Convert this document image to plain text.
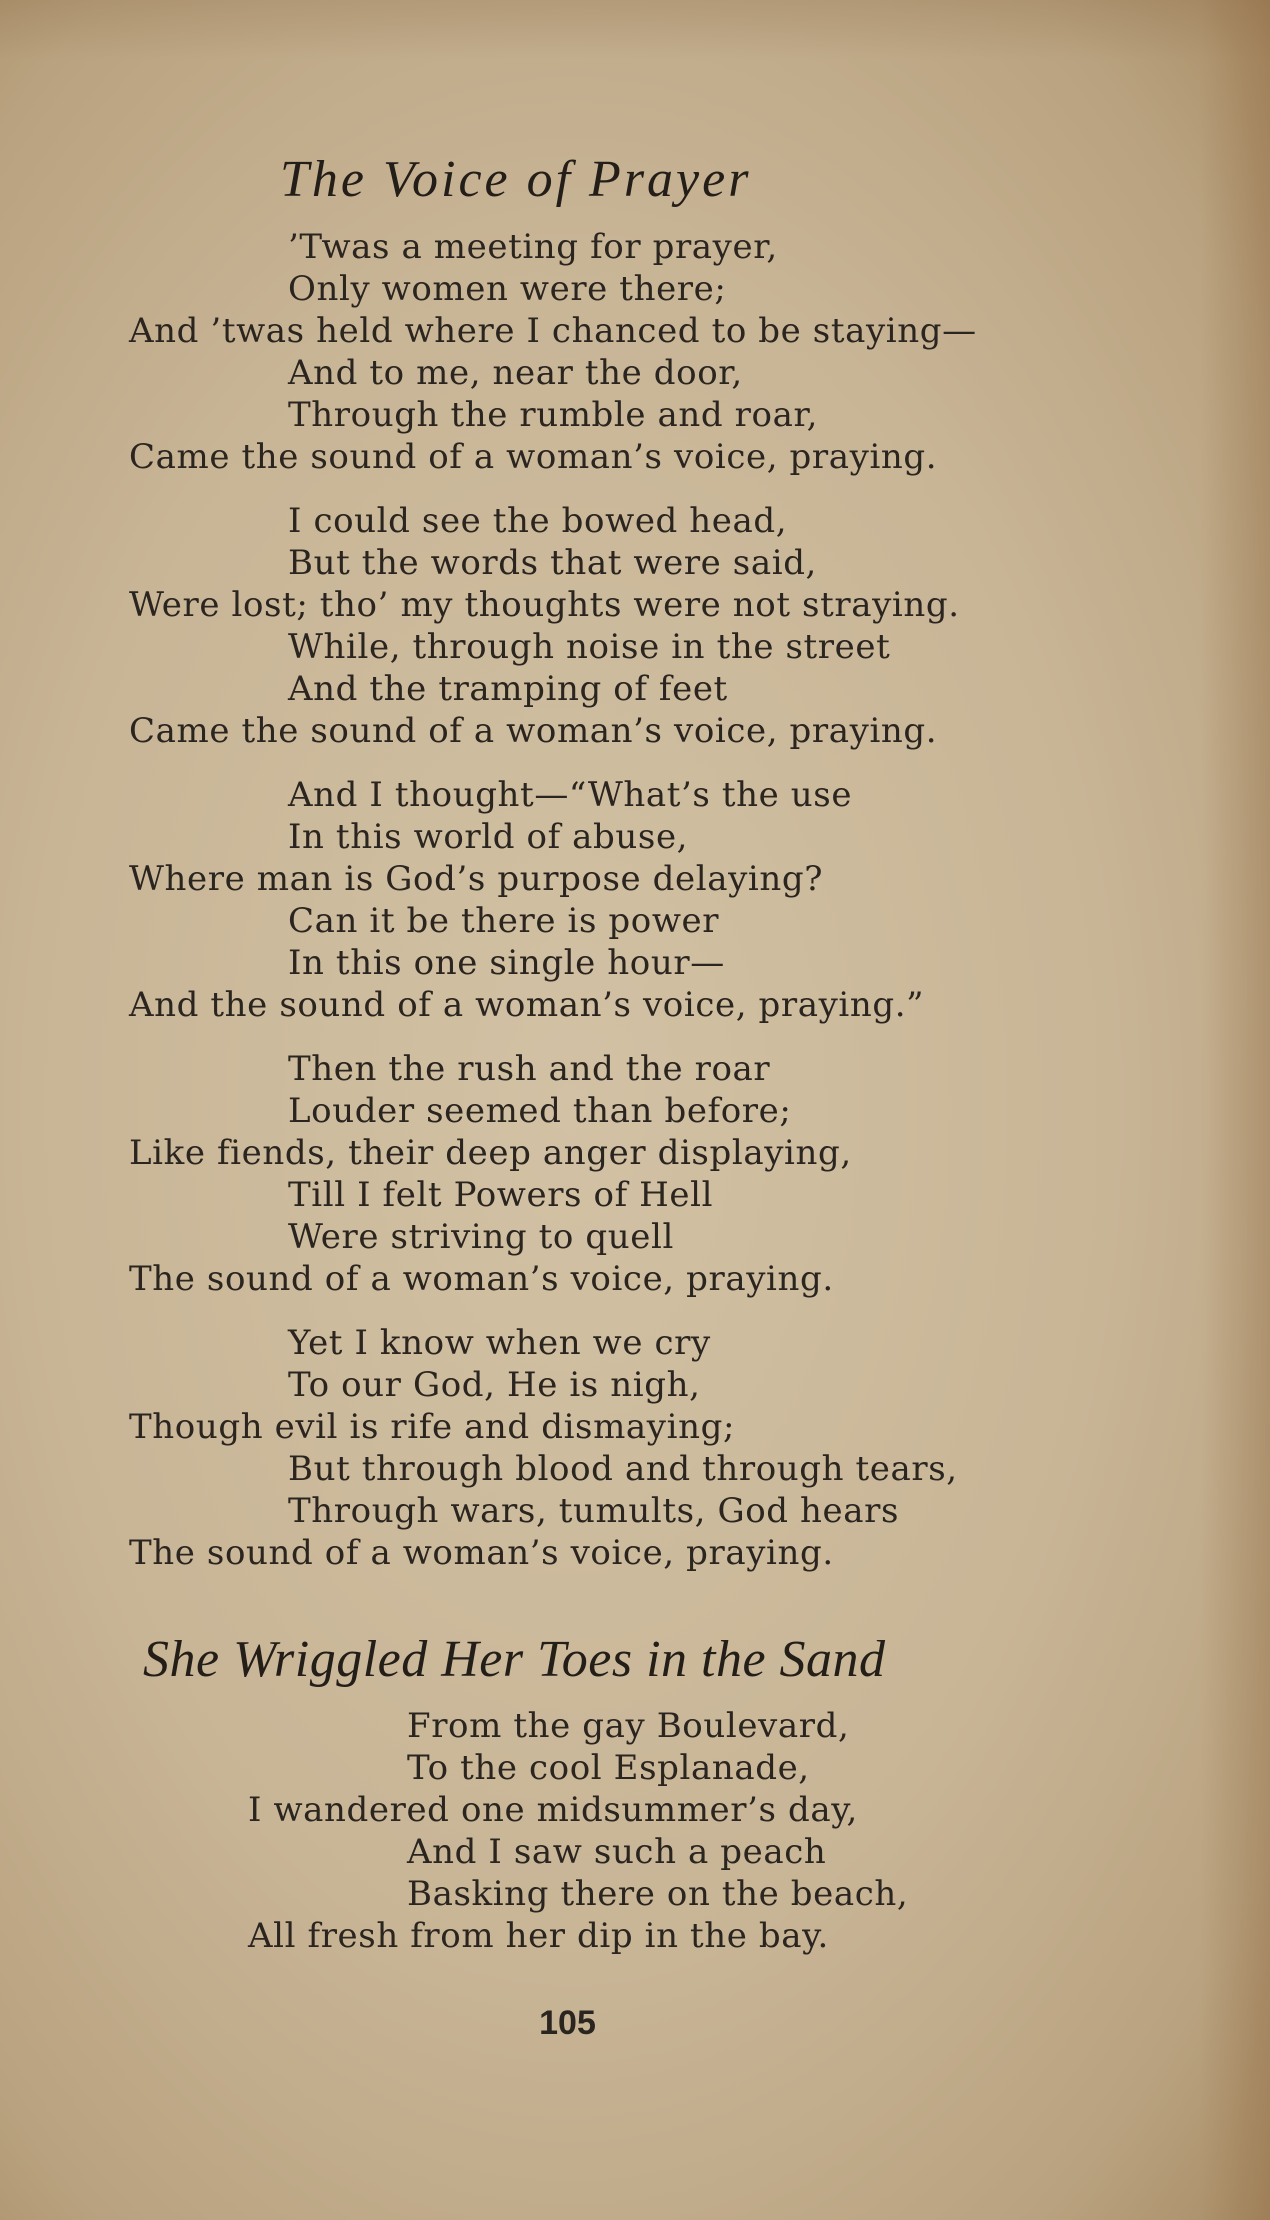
The Voice of Prayer
’Twas a meeting for prayer,
Only women were there;
And ’twas held where I chanced to be staying—
And to me, near the door,
Through the rumble and roar,
Came the sound of a woman’s voice, praying.
I could see the bowed head,
But the words that were said,
Were lost; tho’ my thoughts were not straying.
While, through noise in the street
And the tramping of feet
Came the sound of a woman’s voice, praying.
And I thought—“What’s the use
In this world of abuse,
Where man is God’s purpose delaying?
Can it be there is power
In this one single hour—
And the sound of a woman’s voice, praying.”
Then the rush and the roar
Louder seemed than before;
Like fiends, their deep anger displaying,
Till I felt Powers of Hell
Were striving to quell
The sound of a woman’s voice, praying.
Yet I know when we cry
To our God, He is nigh,
Though evil is rife and dismaying;
But through blood and through tears,
Through wars, tumults, God hears
The sound of a woman’s voice, praying.
She Wriggled Her Toes in the Sand
From the gay Boulevard,
To the cool Esplanade,
I wandered one midsummer’s day,
And I saw such a peach
Basking there on the beach,
All fresh from her dip in the bay.
105
